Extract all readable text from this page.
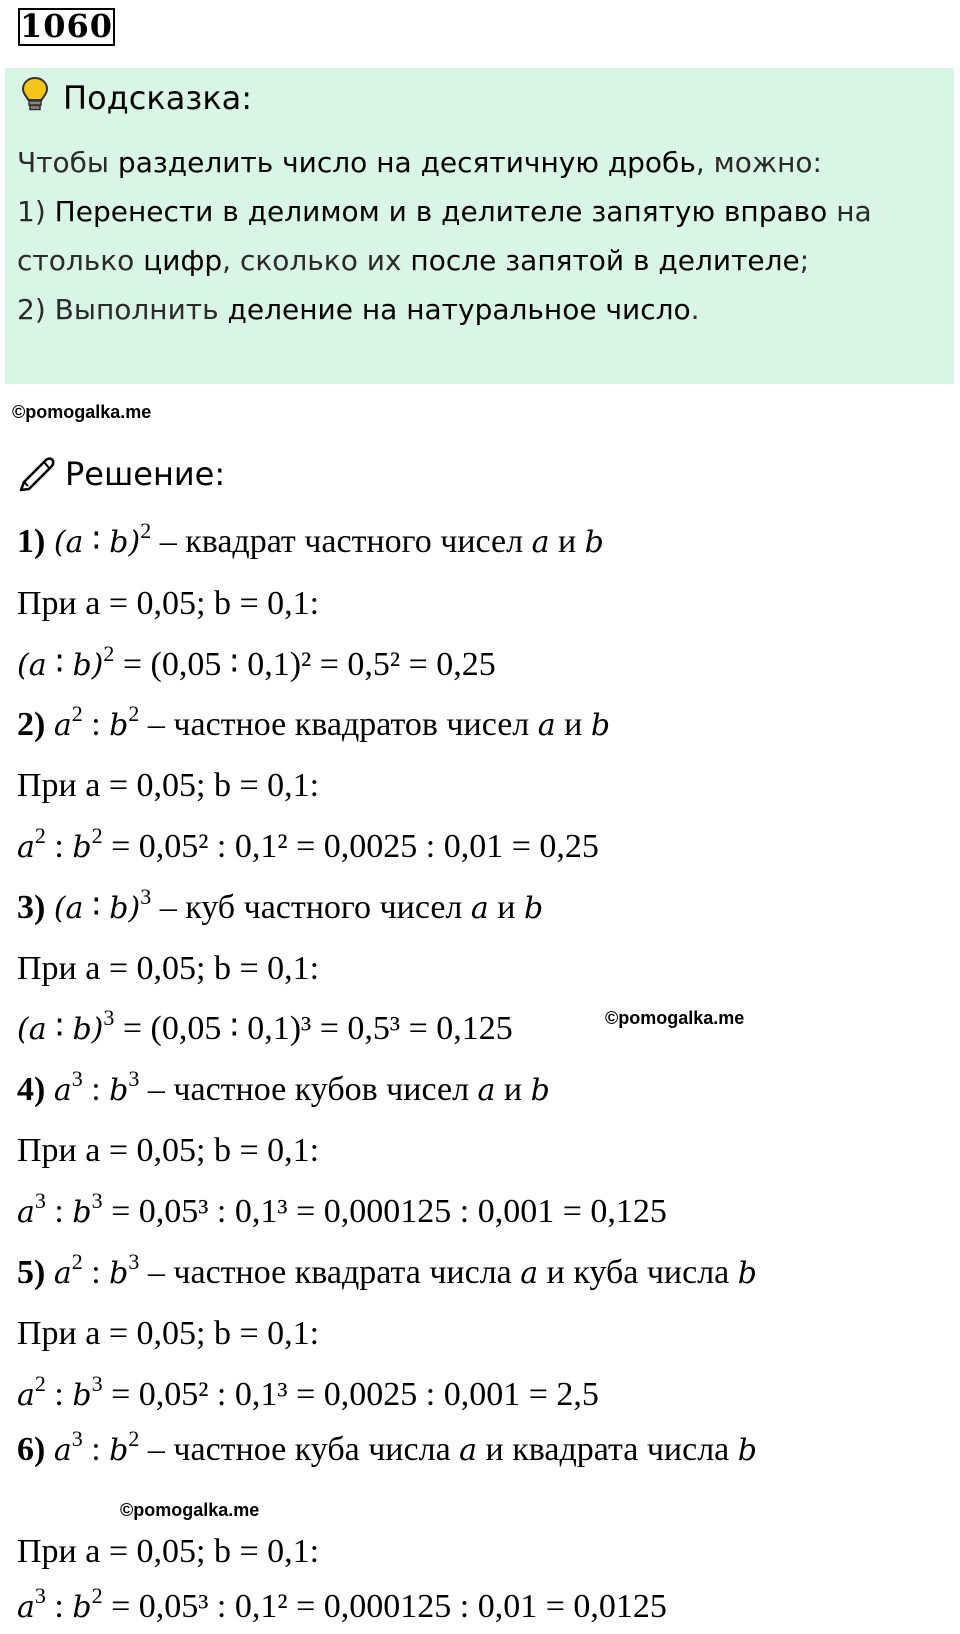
1060
Подсказка:
Чтобы разделить число на десятичную дробь, можно:
1) Перенести в делимом и в делителе запятую вправо на
столько цифр, сколько их после запятой в делителе;
2) Выполнить деление на натуральное число.
©pomogalka.me
©pomogalka.me
©pomogalka.me
Решение:
1) (a ∶ b)$^2$ – квадрат частного чисел a и b
При a = 0,05; b = 0,1:
(a ∶ b)$^2$ = (0,05 ∶ 0,1)² = 0,5² = 0,25
2) $a^2$ : $b^2$ – частное квадратов чисел a и b
При a = 0,05; b = 0,1:
$a^2$ : $b^2 = 0,05^2$ : 0,1² = 0,0025 : 0,01 = 0,25
3) (a ∶ b)$^3$ – куб частного чисел a и b
При a = 0,05; b = 0,1:
(a ∶ b)$^3$ = (0,05 ∶ 0,1)³ = 0,5³ = 0,125
4) $a^3$ : $b^3$ – частное кубов чисел a и b
При a = 0,05; b = 0,1:
$a^3$ : $b^3 = 0,05^3$ : 0,1³ = 0,000125 : 0,001 = 0,125
5) $a^2$ : $b^3$ – частное квадрата числа a и куба числа b
При a = 0,05; b = 0,1:
$a^2$ : $b^3 = 0,05^2$ : 0,1³ = 0,0025 : 0,001 = 2,5
6) $a^3$ : $b^2$ – частное куба числа a и квадрата числа b
При a = 0,05; b = 0,1:
$a^3$ : $b^2 = 0,05^3$ : 0,1² = 0,000125 : 0,01 = 0,0125
